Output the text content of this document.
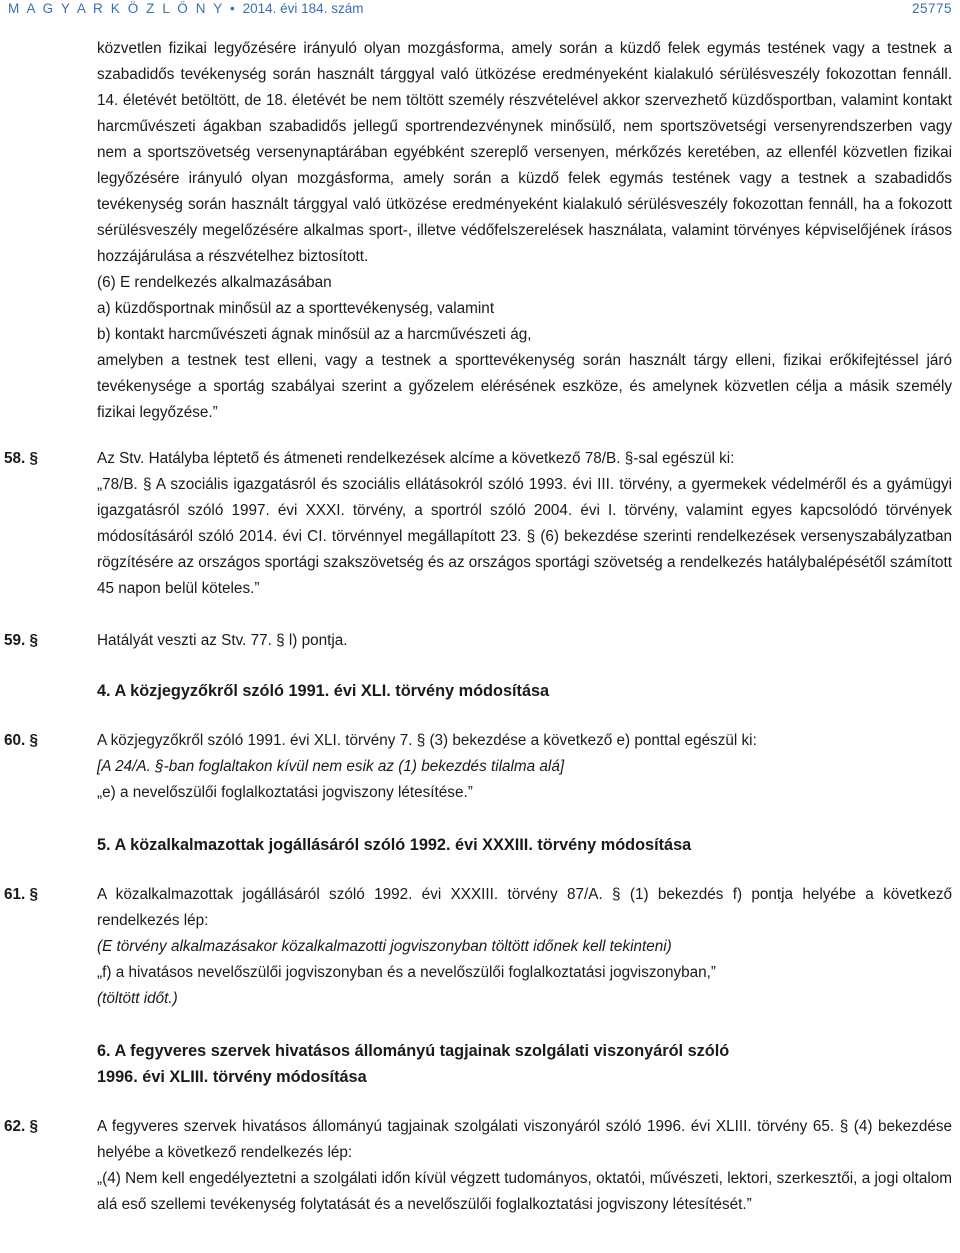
M A G Y A R K Ö Z L Ö N Y • 2014. évi 184. szám	25775

közvetlen fizikai legyőzésére irányuló olyan mozgásforma, amely során a küzdő felek egymás testének vagy a testnek a szabadidős tevékenység során használt tárggyal való ütközése eredményeként kialakuló sérülésveszély fokozottan fennáll. 14. életévét betöltött, de 18. életévét be nem töltött személy részvételével akkor szervezhető küzdősportban, valamint kontakt harcművészeti ágakban szabadidős jellegű sportrendezvénynek minősülő, nem sportszövetségi versenyrendszerben vagy nem a sportszövetség versenynaptárában egyébként szereplő versenyen, mérkőzés keretében, az ellenfél közvetlen fizikai legyőzésére irányuló olyan mozgásforma, amely során a küzdő felek egymás testének vagy a testnek a szabadidős tevékenység során használt tárggyal való ütközése eredményeként kialakuló sérülésveszély fokozottan fennáll, ha a fokozott sérülésveszély megelőzésére alkalmas sport-, illetve védőfelszerelések használata, valamint törvényes képviselőjének írásos hozzájárulása a részvételhez biztosított.

(6) E rendelkezés alkalmazásában

a) küzdősportnak minősül az a sporttevékenység, valamint

b) kontakt harcművészeti ágnak minősül az a harcművészeti ág,

amelyben a testnek test elleni, vagy a testnek a sporttevékenység során használt tárgy elleni, fizikai erőkifejtéssel járó tevékenysége a sportág szabályai szerint a győzelem elérésének eszköze, és amelynek közvetlen célja a másik személy fizikai legyőzése.”

58. §	Az Stv. Hatályba léptető és átmeneti rendelkezések alcíme a következő 78/B. §-sal egészül ki:

„78/B. § A szociális igazgatásról és szociális ellátásokról szóló 1993. évi III. törvény, a gyermekek védelméről és a gyámügyi igazgatásról szóló 1997. évi XXXI. törvény, a sportról szóló 2004. évi I. törvény, valamint egyes kapcsolódó törvények módosításáról szóló 2014. évi CI. törvénnyel megállapított 23. § (6) bekezdése szerinti rendelkezések versenyszabályzatban rögzítésére az országos sportági szakszövetség és az országos sportági szövetség a rendelkezés hatálybalépésétől számított 45 napon belül köteles.”

59. §	Hatályát veszti az Stv. 77. § l) pontja.

4. A közjegyzőkről szóló 1991. évi XLI. törvény módosítása
60. §	A közjegyzőkről szóló 1991. évi XLI. törvény 7. § (3) bekezdése a következő e) ponttal egészül ki:

[A 24/A. §-ban foglaltakon kívül nem esik az (1) bekezdés tilalma alá]

„e) a nevelőszülői foglalkoztatási jogviszony létesítése.”

5. A közalkalmazottak jogállásáról szóló 1992. évi XXXIII. törvény módosítása
61. §	A közalkalmazottak jogállásáról szóló 1992. évi XXXIII. törvény 87/A. § (1) bekezdés f) pontja helyébe a következő rendelkezés lép:

(E törvény alkalmazásakor közalkalmazotti jogviszonyban töltött időnek kell tekinteni)

„f) a hivatásos nevelőszülői jogviszonyban és a nevelőszülői foglalkoztatási jogviszonyban,”

(töltött időt.)

6. A fegyveres szervek hivatásos állományú tagjainak szolgálati viszonyáról szóló
1996. évi XLIII. törvény módosítása
62. §	A fegyveres szervek hivatásos állományú tagjainak szolgálati viszonyáról szóló 1996. évi XLIII. törvény 65. § (4) bekezdése helyébe a következő rendelkezés lép:

„(4) Nem kell engedélyeztetni a szolgálati időn kívül végzett tudományos, oktatói, művészeti, lektori, szerkesztői, a jogi oltalom alá eső szellemi tevékenység folytatását és a nevelőszülői foglalkoztatási jogviszony létesítését.”
